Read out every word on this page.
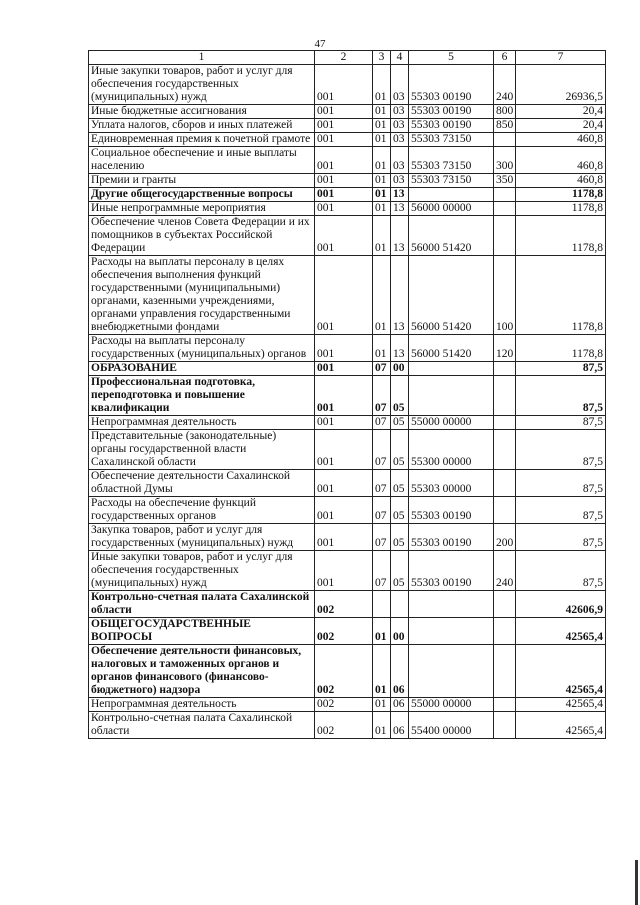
47
1	2	3	4	5	6	7
Иные закупки товаров, работ и услуг для обеспечения государственных (муниципальных) нужд	001	01	03	55303 00190	240	26936,5
Иные бюджетные ассигнования	001	01	03	55303 00190	800	20,4
Уплата налогов, сборов и иных платежей	001	01	03	55303 00190	850	20,4
Единовременная премия к почетной грамоте	001	01	03	55303 73150		460,8
Социальное обеспечение и иные выплаты населению	001	01	03	55303 73150	300	460,8
Премии и гранты	001	01	03	55303 73150	350	460,8
Другие общегосударственные вопросы	001	01	13			1178,8
Иные непрограммные мероприятия	001	01	13	56000 00000		1178,8
Обеспечение членов Совета Федерации и их помощников в субъектах Российской Федерации	001	01	13	56000 51420		1178,8
Расходы на выплаты персоналу в целях обеспечения выполнения функций государственными (муниципальными) органами, казенными учреждениями, органами управления государственными внебюджетными фондами	001	01	13	56000 51420	100	1178,8
Расходы на выплаты персоналу государственных (муниципальных) органов	001	01	13	56000 51420	120	1178,8
ОБРАЗОВАНИЕ	001	07	00			87,5
Профессиональная подготовка, переподготовка и повышение квалификации	001	07	05			87,5
Непрограммная деятельность	001	07	05	55000 00000		87,5
Представительные (законодательные) органы государственной власти Сахалинской области	001	07	05	55300 00000		87,5
Обеспечение деятельности Сахалинской областной Думы	001	07	05	55303 00000		87,5
Расходы на обеспечение функций государственных органов	001	07	05	55303 00190		87,5
Закупка товаров, работ и услуг для государственных (муниципальных) нужд	001	07	05	55303 00190	200	87,5
Иные закупки товаров, работ и услуг для обеспечения государственных (муниципальных) нужд	001	07	05	55303 00190	240	87,5
Контрольно-счетная палата Сахалинской области	002					42606,9
ОБЩЕГОСУДАРСТВЕННЫЕ ВОПРОСЫ	002	01	00			42565,4
Обеспечение деятельности финансовых, налоговых и таможенных органов и органов финансового (финансово-бюджетного) надзора	002	01	06			42565,4
Непрограммная деятельность	002	01	06	55000 00000		42565,4
Контрольно-счетная палата Сахалинской области	002	01	06	55400 00000		42565,4
